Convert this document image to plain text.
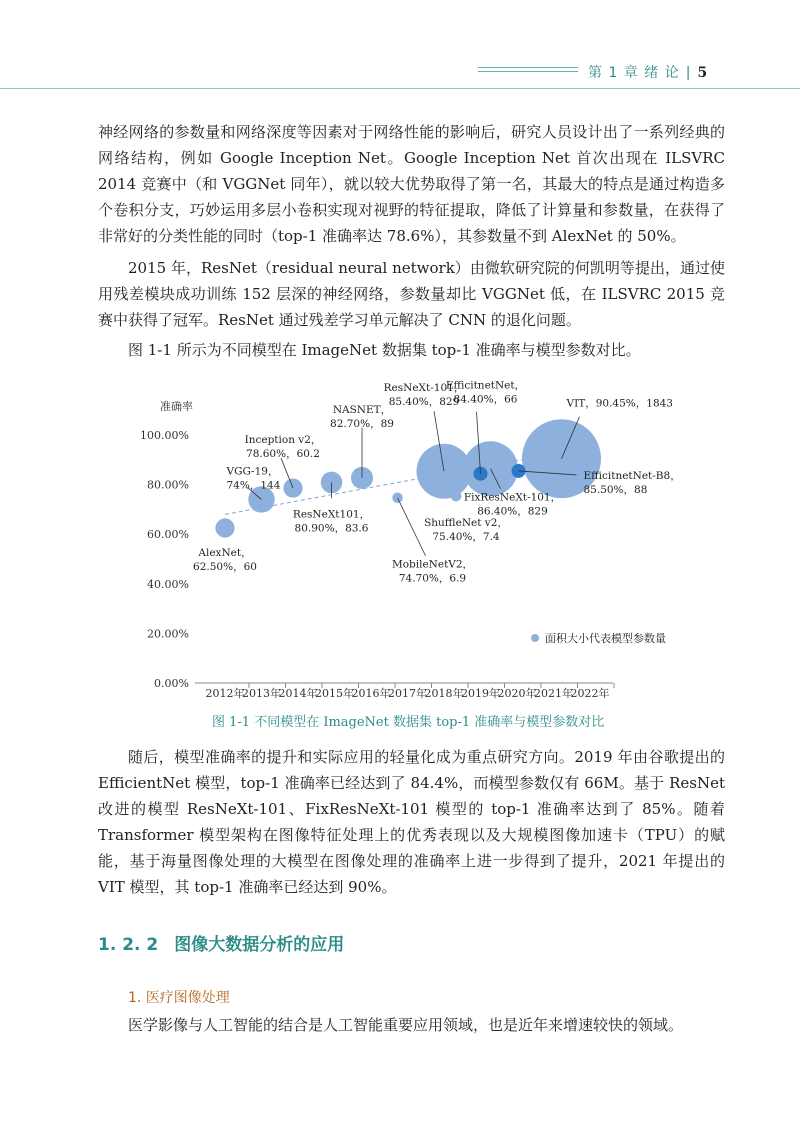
第 1 章 绪 论 | 5
神经网络的参数量和网络深度等因素对于网络性能的影响后，研究人员设计出了一系列经典的网络结构，例如 Google Inception Net。Google Inception Net 首次出现在 ILSVRC 2014 竞赛中（和 VGGNet 同年），就以较大优势取得了第一名，其最大的特点是通过构造多个卷积分支，巧妙运用多层小卷积实现对视野的特征提取，降低了计算量和参数量，在获得了非常好的分类性能的同时（top-1 准确率达 78.6%），其参数量不到 AlexNet 的 50%。
2015 年，ResNet（residual neural network）由微软研究院的何凯明等提出，通过使用残差模块成功训练 152 层深的神经网络，参数量却比 VGGNet 低，在 ILSVRC 2015 竞赛中获得了冠军。ResNet 通过残差学习单元解决了 CNN 的退化问题。
图 1-1 所示为不同模型在 ImageNet 数据集 top-1 准确率与模型参数对比。
准确率
0.00%
20.00%
40.00%
60.00%
80.00%
100.00%
2012年
2013年
2014年
2015年
2016年
2017年
2018年
2019年
2020年
2021年
2022年
AlexNet，
62.50%，60
VGG-19，
74%，144
Inception v2，
78.60%，60.2
ResNeXt101，
80.90%，83.6
NASNET，
82.70%，89
MobileNetV2，
74.70%，6.9
ResNeXt-101，
85.40%，829
ShuffleNet v2，
75.40%，7.4
FixResNeXt-101，
86.40%，829
VIT，90.45%，1843
EfficitnetNet，
84.40%，66
EfficitnetNet-B8，
85.50%，88
面积大小代表模型参数量
图 1-1 不同模型在 ImageNet 数据集 top-1 准确率与模型参数对比
随后，模型准确率的提升和实际应用的轻量化成为重点研究方向。2019 年由谷歌提出的 EfficientNet 模型，top-1 准确率已经达到了 84.4%，而模型参数仅有 66M。基于 ResNet 改进的模型 ResNeXt-101、FixResNeXt-101 模型的 top-1 准确率达到了 85%。随着 Transformer 模型架构在图像特征处理上的优秀表现以及大规模图像加速卡（TPU）的赋能，基于海量图像处理的大模型在图像处理的准确率上进一步得到了提升，2021 年提出的 VIT 模型，其 top-1 准确率已经达到 90%。
1. 2. 2 图像大数据分析的应用
1. 医疗图像处理
医学影像与人工智能的结合是人工智能重要应用领域，也是近年来增速较快的领域。
